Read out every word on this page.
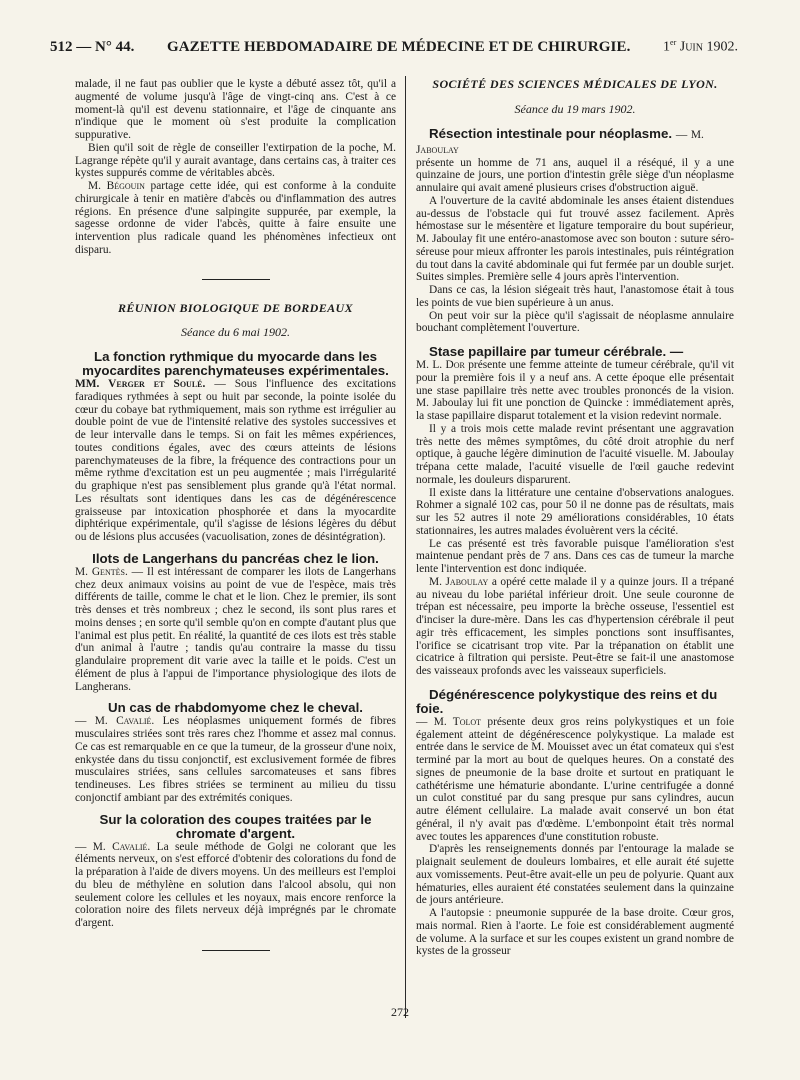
512 — N° 44. GAZETTE HEBDOMADAIRE DE MÉDECINE ET DE CHIRURGIE. 1er Juin 1902.

malade, il ne faut pas oublier que le kyste a débuté assez tôt, qu'il a augmenté de volume jusqu'à l'âge de vingt-cinq ans. C'est à ce moment-là qu'il est devenu stationnaire, et l'âge de cinquante ans n'indique que le moment où s'est produite la complication suppurative.

Bien qu'il soit de règle de conseiller l'extirpation de la poche, M. Lagrange répète qu'il y aurait avantage, dans certains cas, à traiter ces kystes suppurés comme de véritables abcès.

M. Bégouin partage cette idée, qui est conforme à la conduite chirurgicale à tenir en matière d'abcès ou d'inflammation des autres régions. En présence d'une salpingite suppurée, par exemple, la sagesse ordonne de vider l'abcès, quitte à faire ensuite une intervention plus radicale quand les phénomènes infectieux ont disparu.

RÉUNION BIOLOGIQUE DE BORDEAUX
Séance du 6 mai 1902.
La fonction rythmique du myocarde dans les myocardites parenchymateuses expérimentales.

MM. Verger et Soulé. — Sous l'influence des excitations faradiques rythmées à sept ou huit par seconde, la pointe isolée du cœur du cobaye bat rythmiquement, mais son rythme est irrégulier au double point de vue de l'intensité relative des systoles successives et de leur intervalle dans le temps. Si on fait les mêmes expériences, toutes conditions égales, avec des cœurs atteints de lésions parenchymateuses de la fibre, la fréquence des contractions pour un même rythme d'excitation est un peu augmentée ; mais l'irrégularité du graphique n'est pas sensiblement plus grande qu'à l'état normal. Les résultats sont identiques dans les cas de dégénérescence graisseuse par intoxication phosphorée et dans la myocardite diphtérique expérimentale, qu'il s'agisse de lésions légères du début ou de lésions plus accusées (vacuolisation, zones de désintégration).

Ilots de Langerhans du pancréas chez le lion.

M. Gentès. — Il est intéressant de comparer les ilots de Langerhans chez deux animaux voisins au point de vue de l'espèce, mais très différents de taille, comme le chat et le lion. Chez le premier, ils sont très denses et très nombreux ; chez le second, ils sont plus rares et moins denses ; en sorte qu'il semble qu'on en compte d'autant plus que l'animal est plus petit. En réalité, la quantité de ces ilots est très stable d'un animal à l'autre ; tandis qu'au contraire la masse du tissu glandulaire proprement dit varie avec la taille et le poids. C'est un élément de plus à l'appui de l'importance physiologique des ilots de Langherans.

Un cas de rhabdomyome chez le cheval.

— M. Cavalié. Les néoplasmes uniquement formés de fibres musculaires striées sont très rares chez l'homme et assez mal connus. Ce cas est remarquable en ce que la tumeur, de la grosseur d'une noix, enkystée dans du tissu conjonctif, est exclusivement formée de fibres musculaires striées, sans cellules sarcomateuses et sans fibres tendineuses. Les fibres striées se terminent au milieu du tissu conjonctif ambiant par des extrémités coniques.

Sur la coloration des coupes traitées par le chromate d'argent.

— M. Cavalié. La seule méthode de Golgi ne colorant que les éléments nerveux, on s'est efforcé d'obtenir des colorations du fond de la préparation à l'aide de divers moyens. Un des meilleurs est l'emploi du bleu de méthylène en solution dans l'alcool absolu, qui non seulement colore les cellules et les noyaux, mais encore renforce la coloration noire des filets nerveux déjà imprégnés par le chromate d'argent.

SOCIÉTÉ DES SCIENCES MÉDICALES DE LYON.
Séance du 19 mars 1902.
Résection intestinale pour néoplasme. — M. Jaboulay

présente un homme de 71 ans, auquel il a réséqué, il y a une quinzaine de jours, une portion d'intestin grêle siège d'un néoplasme annulaire qui avait amené plusieurs crises d'obstruction aiguë.

A l'ouverture de la cavité abdominale les anses étaient distendues au-dessus de l'obstacle qui fut trouvé assez facilement. Après hémostase sur le mésentère et ligature temporaire du bout supérieur, M. Jaboulay fit une entéro-anastomose avec son bouton : suture séro-séreuse pour mieux affronter les parois intestinales, puis réintégration du tout dans la cavité abdominale qui fut fermée par un double surjet. Suites simples. Première selle 4 jours après l'intervention.

Dans ce cas, la lésion siégeait très haut, l'anastomose était à tous les points de vue bien supérieure à un anus.

On peut voir sur la pièce qu'il s'agissait de néoplasme annulaire bouchant complètement l'ouverture.

Stase papillaire par tumeur cérébrale. —

M. L. Dor présente une femme atteinte de tumeur cérébrale, qu'il vit pour la première fois il y a neuf ans. A cette époque elle présentait une stase papillaire très nette avec troubles prononcés de la vision. M. Jaboulay lui fit une ponction de Quincke : immédiatement après, la stase papillaire disparut totalement et la vision redevint normale.

Il y a trois mois cette malade revint présentant une aggravation très nette des mêmes symptômes, du côté droit atrophie du nerf optique, à gauche légère diminution de l'acuité visuelle. M. Jaboulay trépana cette malade, l'acuité visuelle de l'œil gauche redevint normale, les douleurs disparurent.

Il existe dans la littérature une centaine d'observations analogues. Rohmer a signalé 102 cas, pour 50 il ne donne pas de résultats, mais sur les 52 autres il note 29 améliorations considérables, 10 états stationnaires, les autres malades évoluèrent vers la cécité.

Le cas présenté est très favorable puisque l'amélioration s'est maintenue pendant près de 7 ans. Dans ces cas de tumeur la marche lente l'intervention est donc indiquée.

M. Jaboulay a opéré cette malade il y a quinze jours. Il a trépané au niveau du lobe pariétal inférieur droit. Une seule couronne de trépan est nécessaire, peu importe la brèche osseuse, l'essentiel est d'inciser la dure-mère. Dans les cas d'hypertension cérébrale il peut agir très efficacement, les simples ponctions sont insuffisantes, l'orifice se cicatrisant trop vite. Par la trépanation on établit une cicatrice à filtration qui persiste. Peut-être se fait-il une anastomose des vaisseaux profonds avec les vaisseaux superficiels.

Dégénérescence polykystique des reins et du foie.

— M. Tolot présente deux gros reins polykystiques et un foie également atteint de dégénérescence polykystique. La malade est entrée dans le service de M. Mouisset avec un état comateux qui s'est terminé par la mort au bout de quelques heures. On a constaté des signes de pneumonie de la base droite et surtout en pratiquant le cathétérisme une hématurie abondante. L'urine centrifugée a donné un culot constitué par du sang presque pur sans cylindres, aucun autre élément cellulaire. La malade avait conservé un bon état général, il n'y avait pas d'œdème. L'embonpoint était très normal avec toutes les apparences d'une constitution robuste.

D'après les renseignements donnés par l'entourage la malade se plaignait seulement de douleurs lombaires, et elle aurait été sujette aux vomissements. Peut-être avait-elle un peu de polyurie. Quant aux hématuries, elles auraient été constatées seulement dans la quinzaine de jours antérieure.

A l'autopsie : pneumonie suppurée de la base droite. Cœur gros, mais normal. Rien à l'aorte. Le foie est considérablement augmenté de volume. A la surface et sur les coupes existent un grand nombre de kystes de la grosseur

272
